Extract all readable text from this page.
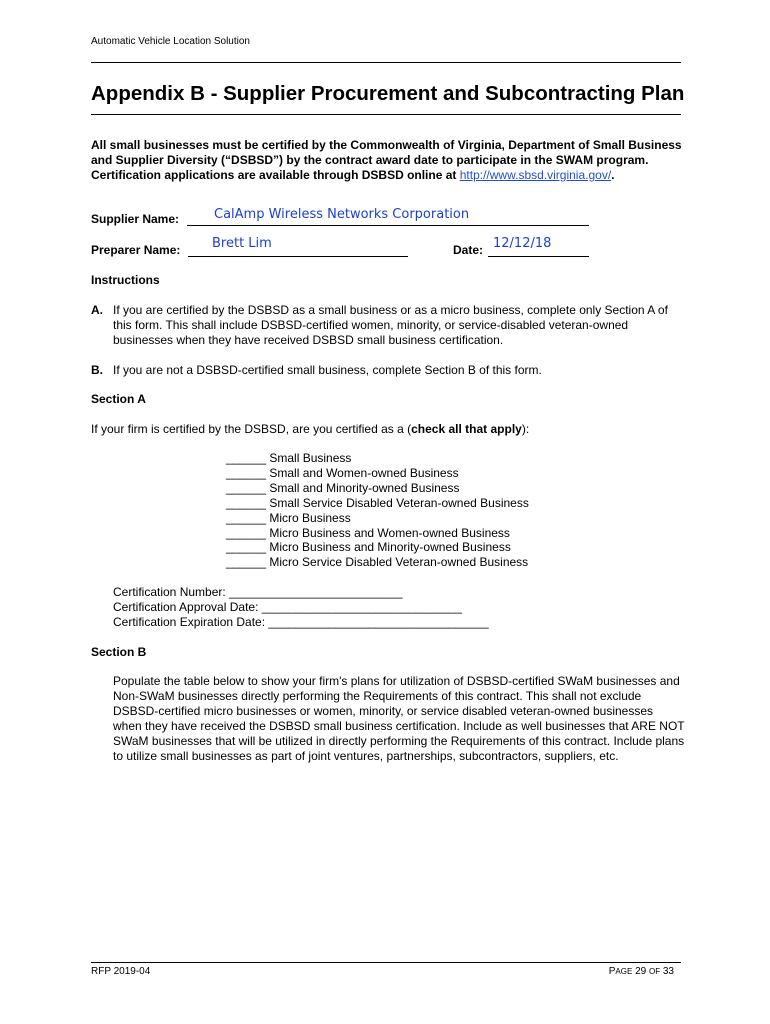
Automatic Vehicle Location Solution
Appendix B - Supplier Procurement and Subcontracting Plan
All small businesses must be certified by the Commonwealth of Virginia, Department of Small Business and Supplier Diversity (“DSBSD”) by the contract award date to participate in the SWAM program. Certification applications are available through DSBSD online at http://www.sbsd.virginia.gov/.
Supplier Name:	CalAmp Wireless Networks Corporation
Preparer Name: Brett Lim	Date: 12/12/18
Instructions
A. If you are certified by the DSBSD as a small business or as a micro business, complete only Section A of this form. This shall include DSBSD-certified women, minority, or service-disabled veteran-owned businesses when they have received DSBSD small business certification.
B. If you are not a DSBSD-certified small business, complete Section B of this form.
Section A
If your firm is certified by the DSBSD, are you certified as a (check all that apply):
______ Small Business
______ Small and Women-owned Business
______ Small and Minority-owned Business
______ Small Service Disabled Veteran-owned Business
______ Micro Business
______ Micro Business and Women-owned Business
______ Micro Business and Minority-owned Business
______ Micro Service Disabled Veteran-owned Business
Certification Number: __________________________
Certification Approval Date: ______________________________
Certification Expiration Date: _________________________________
Section B
Populate the table below to show your firm's plans for utilization of DSBSD-certified SWaM businesses and Non-SWaM businesses directly performing the Requirements of this contract. This shall not exclude DSBSD-certified micro businesses or women, minority, or service disabled veteran-owned businesses when they have received the DSBSD small business certification. Include as well businesses that ARE NOT SWaM businesses that will be utilized in directly performing the Requirements of this contract. Include plans to utilize small businesses as part of joint ventures, partnerships, subcontractors, suppliers, etc.
RFP 2019-04	PAGE 29 OF 33
